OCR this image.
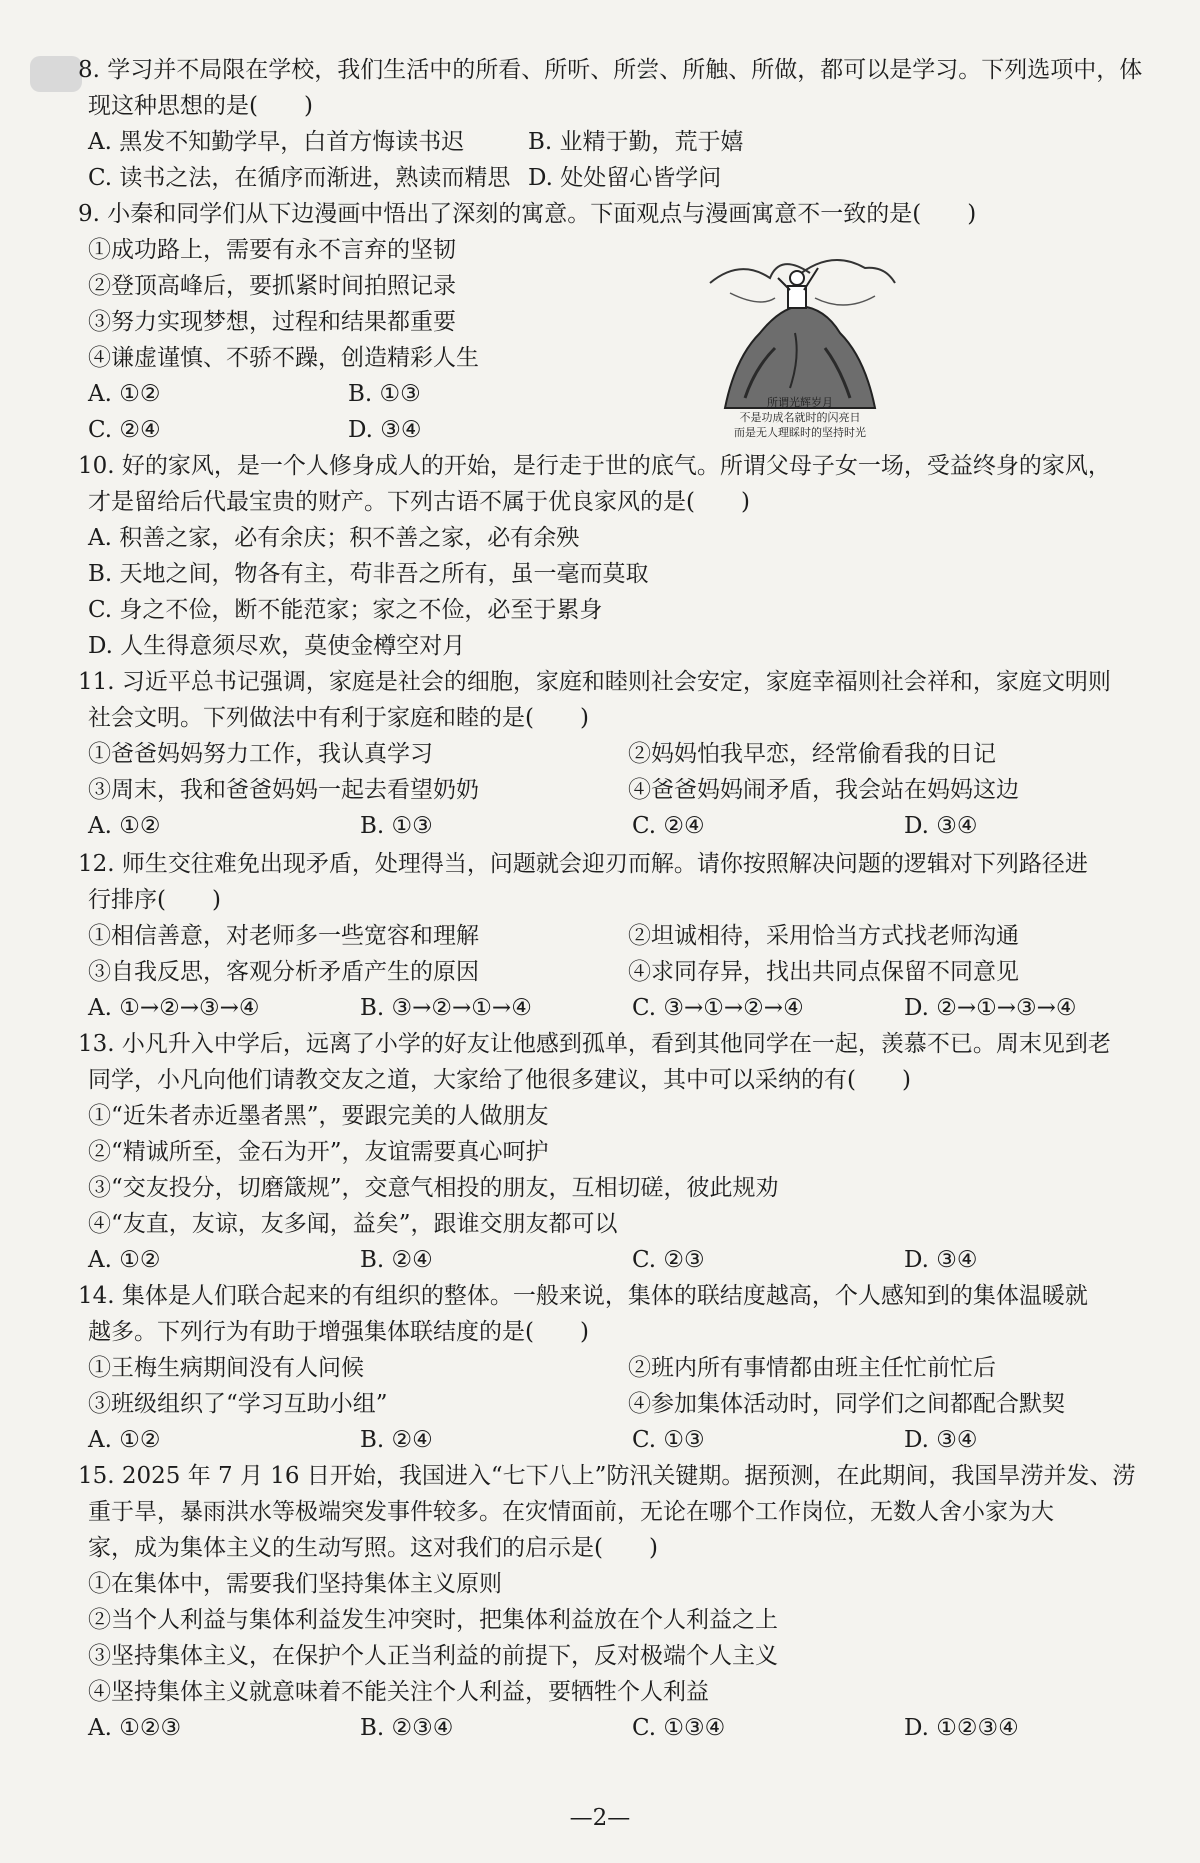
8. 学习并不局限在学校，我们生活中的所看、所听、所尝、所触、所做，都可以是学习。下列选项中，体
现这种思想的是(　　)
A. 黑发不知勤学早，白首方悔读书迟	B. 业精于勤，荒于嬉
C. 读书之法，在循序而渐进，熟读而精思 D. 处处留心皆学问
9. 小秦和同学们从下边漫画中悟出了深刻的寓意。下面观点与漫画寓意不一致的是(　　)
①成功路上，需要有永不言弃的坚韧
②登顶高峰后，要抓紧时间拍照记录
③努力实现梦想，过程和结果都重要
④谦虚谨慎、不骄不躁，创造精彩人生
A. ①②	B. ①③
C. ②④	D. ③④
所谓光辉岁月
不是功成名就时的闪亮日
而是无人理睬时的坚持时光
10. 好的家风，是一个人修身成人的开始，是行走于世的底气。所谓父母子女一场，受益终身的家风，
才是留给后代最宝贵的财产。下列古语不属于优良家风的是(　　)
A. 积善之家，必有余庆；积不善之家，必有余殃
B. 天地之间，物各有主，苟非吾之所有，虽一毫而莫取
C. 身之不俭，断不能范家；家之不俭，必至于累身
D. 人生得意须尽欢，莫使金樽空对月
11. 习近平总书记强调，家庭是社会的细胞，家庭和睦则社会安定，家庭幸福则社会祥和，家庭文明则
社会文明。下列做法中有利于家庭和睦的是(　　)
①爸爸妈妈努力工作，我认真学习	②妈妈怕我早恋，经常偷看我的日记
③周末，我和爸爸妈妈一起去看望奶奶	④爸爸妈妈闹矛盾，我会站在妈妈这边
A. ①②	B. ①③	C. ②④	D. ③④
12. 师生交往难免出现矛盾，处理得当，问题就会迎刃而解。请你按照解决问题的逻辑对下列路径进
行排序(　　)
①相信善意，对老师多一些宽容和理解	②坦诚相待，采用恰当方式找老师沟通
③自我反思，客观分析矛盾产生的原因	④求同存异，找出共同点保留不同意见
A. ①→②→③→④	B. ③→②→①→④	C. ③→①→②→④	D. ②→①→③→④
13. 小凡升入中学后，远离了小学的好友让他感到孤单，看到其他同学在一起，羡慕不已。周末见到老
同学，小凡向他们请教交友之道，大家给了他很多建议，其中可以采纳的有(　　)
①“近朱者赤近墨者黑”，要跟完美的人做朋友
②“精诚所至，金石为开”，友谊需要真心呵护
③“交友投分，切磨箴规”，交意气相投的朋友，互相切磋，彼此规劝
④“友直，友谅，友多闻，益矣”，跟谁交朋友都可以
A. ①②	B. ②④	C. ②③	D. ③④
14. 集体是人们联合起来的有组织的整体。一般来说，集体的联结度越高，个人感知到的集体温暖就
越多。下列行为有助于增强集体联结度的是(　　)
①王梅生病期间没有人问候	②班内所有事情都由班主任忙前忙后
③班级组织了“学习互助小组”	④参加集体活动时，同学们之间都配合默契
A. ①②	B. ②④	C. ①③	D. ③④
15. 2025 年 7 月 16 日开始，我国进入“七下八上”防汛关键期。据预测，在此期间，我国旱涝并发、涝
重于旱，暴雨洪水等极端突发事件较多。在灾情面前，无论在哪个工作岗位，无数人舍小家为大
家，成为集体主义的生动写照。这对我们的启示是(　　)
①在集体中，需要我们坚持集体主义原则
②当个人利益与集体利益发生冲突时，把集体利益放在个人利益之上
③坚持集体主义，在保护个人正当利益的前提下，反对极端个人主义
④坚持集体主义就意味着不能关注个人利益，要牺牲个人利益
A. ①②③	B. ②③④	C. ①③④	D. ①②③④
—2—
